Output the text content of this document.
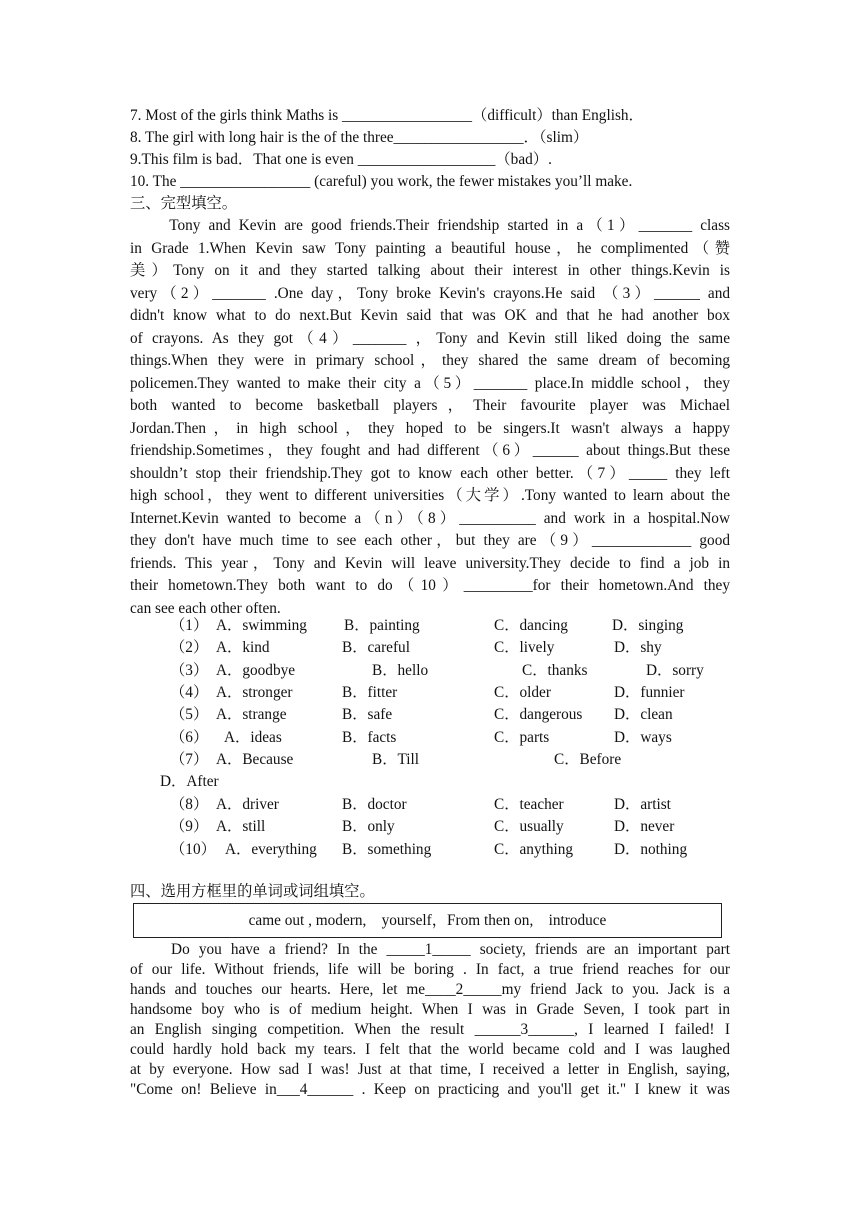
7. Most of the girls think Maths is _________________（difficult）than English．
8. The girl with long hair is the of the three_________________．（slim）
9.This film is bad．That one is even __________________（bad）.
10. The _________________ (careful) you work, the fewer mistakes you’ll make.
三、完型填空。
　　Tony and Kevin are good friends.Their friendship started in a（1）_______ class
in Grade 1.When Kevin saw Tony painting a beautiful house，he complimented（赞
美）Tony on it and they started talking about their interest in other things.Kevin is
very（2）_______ .One day，Tony broke Kevin's crayons.He said （3）______ and
didn't know what to do next.But Kevin said that was OK and that he had another box
of crayons. As they got（4）_______ ，Tony and Kevin still liked doing the same
things.When they were in primary school，they shared the same dream of becoming
policemen.They wanted to make their city a（5）_______ place.In middle school，they
both wanted to become basketball players，Their favourite player was Michael
Jordan.Then，in high school，they hoped to be singers.It wasn't always a happy
friendship.Sometimes，they fought and had different（6）______ about things.But these
shouldn’t stop their friendship.They got to know each other better.（7）_____ they left
high school，they went to different universities（大学）.Tony wanted to learn about the
Internet.Kevin wanted to become a（n）（8）__________ and work in a hospital.Now
they don't have much time to see each other，but they are（9）_____________ good
friends. This year，Tony and Kevin will leave university.They decide to find a job in
their hometown.They both want to do（10）_________for their hometown.And they
can see each other often.
（1） A．swimming B．painting	C．dancing	D．singing
（2） A．kind	B．careful	C．lively	D．shy
（3） A．goodbye	B．hello	C．thanks	D．sorry
（4） A．stronger	B．fitter	C．older	D．funnier
（5） A．strange	B．safe	C．dangerous D．clean
（6） A．ideas	B．facts	C．parts	D．ways
（7） A．Because	B．Till	C．Before
D．After
（8） A．driver	B．doctor	C．teacher	D．artist
（9） A．still	B．only	C．usually	D．never
（10） A．everything B．something	C．anything	D．nothing
四、选用方框里的单词或词组填空。
came out , modern,    yourself，From then on,    introduce
　　Do you have a friend? In the _____1_____ society, friends are an important part
of our life. Without friends, life will be boring . In fact, a true friend reaches for our
hands and touches our hearts. Here, let me____2_____my friend Jack to you. Jack is a
handsome boy who is of medium height. When I was in Grade Seven, I took part in
an English singing competition. When the result ______3______, I learned I failed! I
could hardly hold back my tears. I felt that the world became cold and I was laughed
at by everyone. How sad I was! Just at that time, I received a letter in English, saying,
"Come on! Believe in___4______ . Keep on practicing and you'll get it." I knew it was
